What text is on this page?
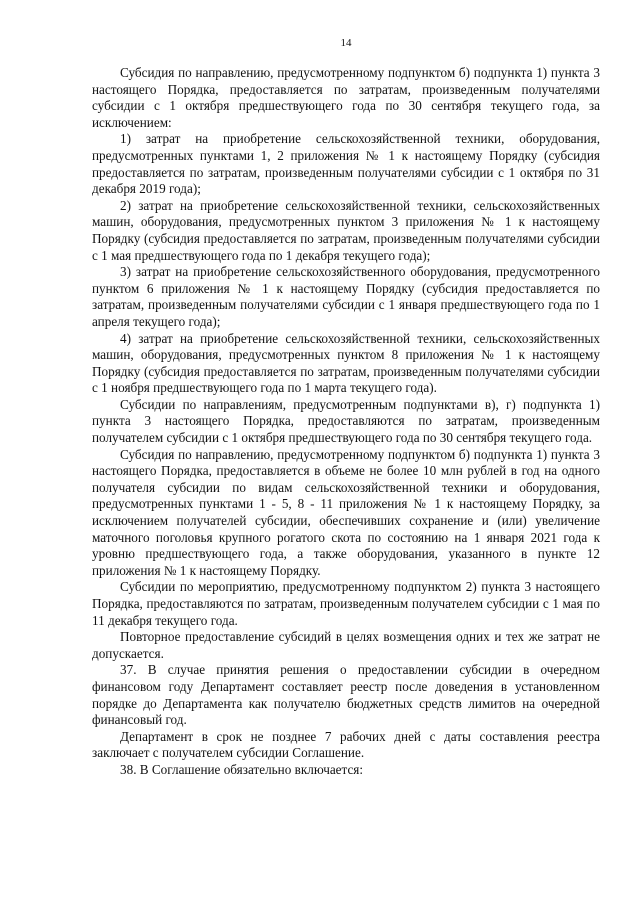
14

Субсидия по направлению, предусмотренному подпунктом б) подпункта 1) пункта 3 настоящего Порядка, предоставляется по затратам, произведенным получателями субсидии с 1 октября предшествующего года по 30 сентября текущего года, за исключением:

1) затрат на приобретение сельскохозяйственной техники, оборудования, предусмотренных пунктами 1, 2 приложения № 1 к настоящему Порядку (субсидия предоставляется по затратам, произведенным получателями субсидии с 1 октября по 31 декабря 2019 года);

2) затрат на приобретение сельскохозяйственной техники, сельскохозяйственных машин, оборудования, предусмотренных пунктом 3 приложения № 1 к настоящему Порядку (субсидия предоставляется по затратам, произведенным получателями субсидии с 1 мая предшествующего года по 1 декабря текущего года);

3) затрат на приобретение сельскохозяйственного оборудования, предусмотренного пунктом 6 приложения № 1 к настоящему Порядку (субсидия предоставляется по затратам, произведенным получателями субсидии с 1 января предшествующего года по 1 апреля текущего года);

4) затрат на приобретение сельскохозяйственной техники, сельскохозяйственных машин, оборудования, предусмотренных пунктом 8 приложения № 1 к настоящему Порядку (субсидия предоставляется по затратам, произведенным получателями субсидии с 1 ноября предшествующего года по 1 марта текущего года).

Субсидии по направлениям, предусмотренным подпунктами в), г) подпункта 1) пункта 3 настоящего Порядка, предоставляются по затратам, произведенным получателем субсидии с 1 октября предшествующего года по 30 сентября текущего года.

Субсидия по направлению, предусмотренному подпунктом б) подпункта 1) пункта 3 настоящего Порядка, предоставляется в объеме не более 10 млн рублей в год на одного получателя субсидии по видам сельскохозяйственной техники и оборудования, предусмотренных пунктами 1 - 5, 8 - 11 приложения № 1 к настоящему Порядку, за исключением получателей субсидии, обеспечивших сохранение и (или) увеличение маточного поголовья крупного рогатого скота по состоянию на 1 января 2021 года к уровню предшествующего года, а также оборудования, указанного в пункте 12 приложения № 1 к настоящему Порядку.

Субсидии по мероприятию, предусмотренному подпунктом 2) пункта 3 настоящего Порядка, предоставляются по затратам, произведенным получателем субсидии с 1 мая по 11 декабря текущего года.

Повторное предоставление субсидий в целях возмещения одних и тех же затрат не допускается.

37. В случае принятия решения о предоставлении субсидии в очередном финансовом году Департамент составляет реестр после доведения в установленном порядке до Департамента как получателю бюджетных средств лимитов на очередной финансовый год.

Департамент в срок не позднее 7 рабочих дней с даты составления реестра заключает с получателем субсидии Соглашение.

38. В Соглашение обязательно включается:
